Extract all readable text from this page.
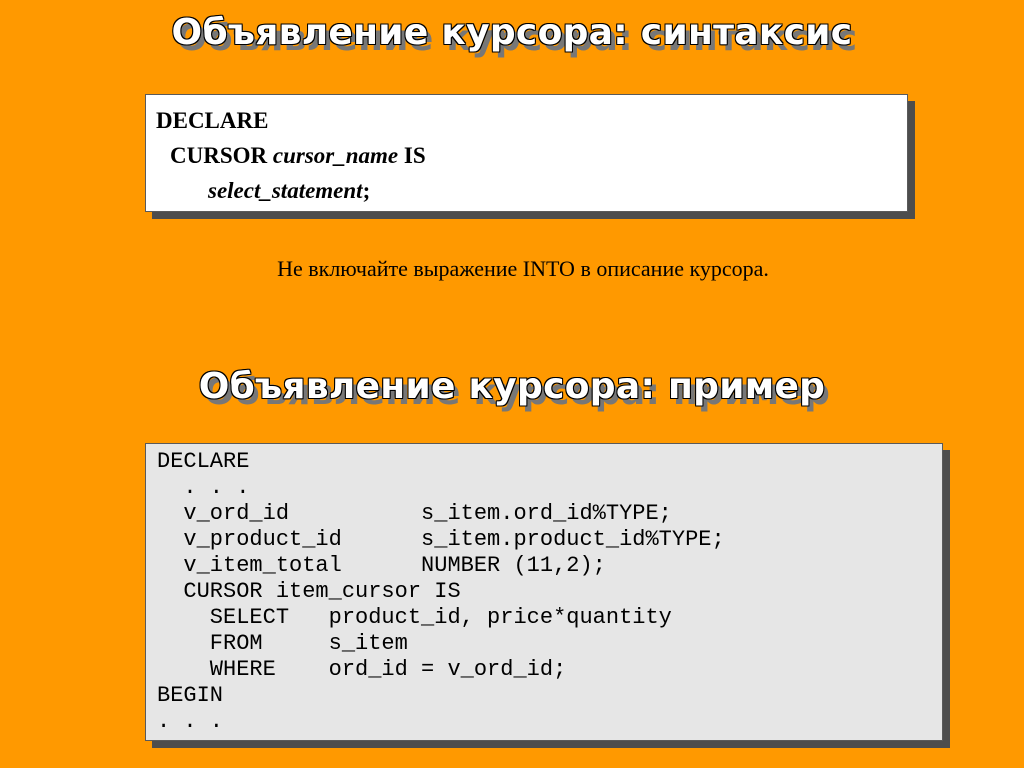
Объявление курсора: синтаксис
DECLARE
CURSOR cursor_name IS
select_statement;

Не включайте выражение INTO в описание курсора.

Объявление курсора: пример
DECLARE
. . .
v_ord_id          s_item.ord_id%TYPE;
v_product_id      s_item.product_id%TYPE;
v_item_total      NUMBER (11,2);
CURSOR item_cursor IS
SELECT   product_id, price*quantity
FROM     s_item
WHERE    ord_id = v_ord_id;
BEGIN
. . .
